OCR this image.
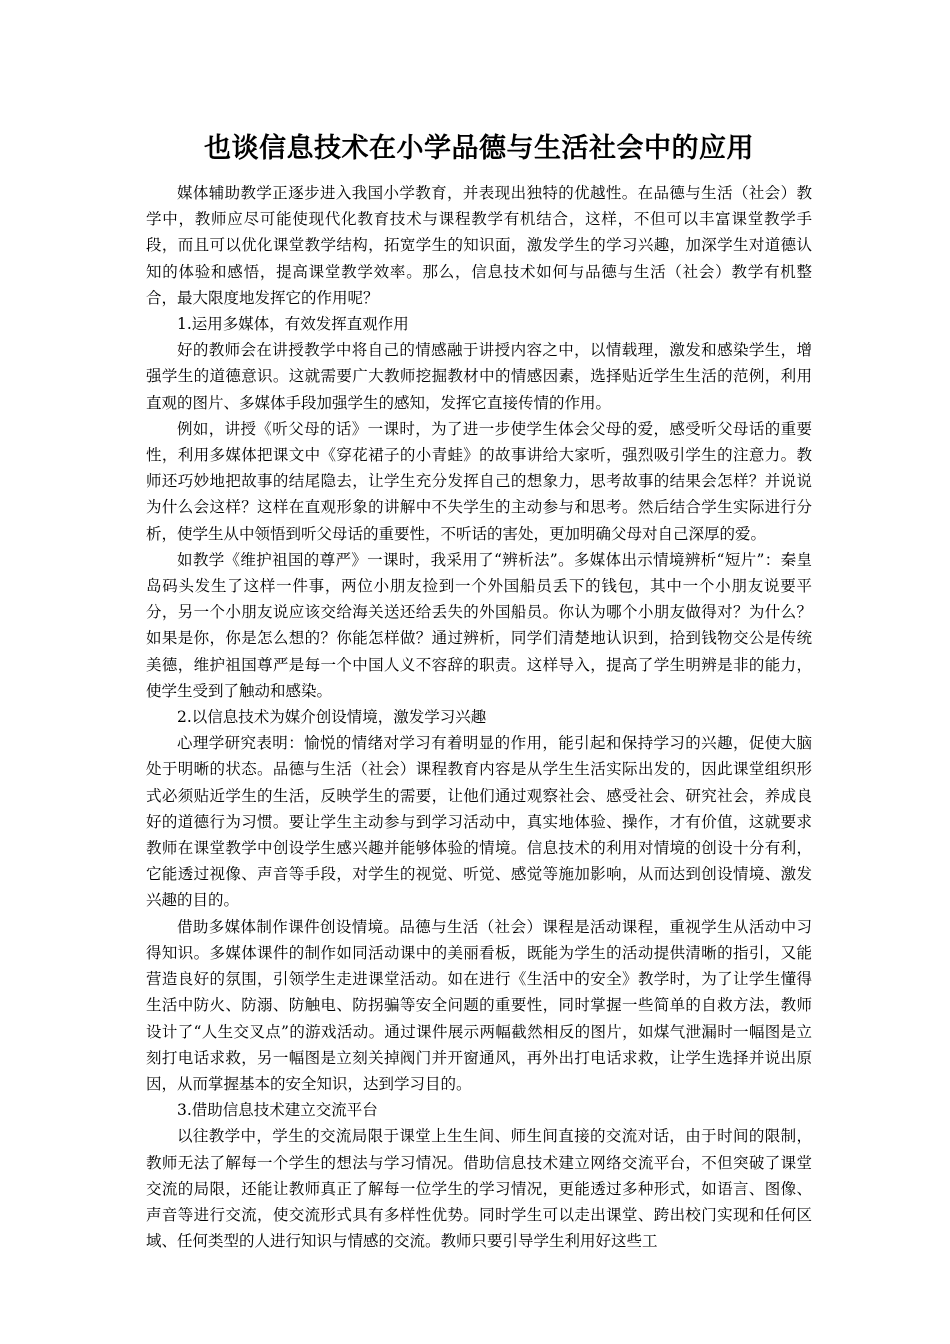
也谈信息技术在小学品德与生活社会中的应用

媒体辅助教学正逐步进入我国小学教育，并表现出独特的优越性。在品德与生活（社会）教学中，教师应尽可能使现代化教育技术与课程教学有机结合，这样，不但可以丰富课堂教学手段，而且可以优化课堂教学结构，拓宽学生的知识面，激发学生的学习兴趣，加深学生对道德认知的体验和感悟，提高课堂教学效率。那么，信息技术如何与品德与生活（社会）教学有机整合，最大限度地发挥它的作用呢？

1.运用多媒体，有效发挥直观作用

好的教师会在讲授教学中将自己的情感融于讲授内容之中，以情载理，激发和感染学生，增强学生的道德意识。这就需要广大教师挖掘教材中的情感因素，选择贴近学生生活的范例，利用直观的图片、多媒体手段加强学生的感知，发挥它直接传情的作用。

例如，讲授《听父母的话》一课时，为了进一步使学生体会父母的爱，感受听父母话的重要性，利用多媒体把课文中《穿花裙子的小青蛙》的故事讲给大家听，强烈吸引学生的注意力。教师还巧妙地把故事的结尾隐去，让学生充分发挥自己的想象力，思考故事的结果会怎样？并说说为什么会这样？这样在直观形象的讲解中不失学生的主动参与和思考。然后结合学生实际进行分析，使学生从中领悟到听父母话的重要性，不听话的害处，更加明确父母对自己深厚的爱。

如教学《维护祖国的尊严》一课时，我采用了“辨析法”。多媒体出示情境辨析“短片”：秦皇岛码头发生了这样一件事，两位小朋友捡到一个外国船员丢下的钱包，其中一个小朋友说要平分，另一个小朋友说应该交给海关送还给丢失的外国船员。你认为哪个小朋友做得对？为什么？如果是你，你是怎么想的？你能怎样做？通过辨析，同学们清楚地认识到，拾到钱物交公是传统美德，维护祖国尊严是每一个中国人义不容辞的职责。这样导入，提高了学生明辨是非的能力，使学生受到了触动和感染。

2.以信息技术为媒介创设情境，激发学习兴趣

心理学研究表明：愉悦的情绪对学习有着明显的作用，能引起和保持学习的兴趣，促使大脑处于明晰的状态。品德与生活（社会）课程教育内容是从学生生活实际出发的，因此课堂组织形式必须贴近学生的生活，反映学生的需要，让他们通过观察社会、感受社会、研究社会，养成良好的道德行为习惯。要让学生主动参与到学习活动中，真实地体验、操作，才有价值，这就要求教师在课堂教学中创设学生感兴趣并能够体验的情境。信息技术的利用对情境的创设十分有利，它能透过视像、声音等手段，对学生的视觉、听觉、感觉等施加影响，从而达到创设情境、激发兴趣的目的。

借助多媒体制作课件创设情境。品德与生活（社会）课程是活动课程，重视学生从活动中习得知识。多媒体课件的制作如同活动课中的美丽看板，既能为学生的活动提供清晰的指引，又能营造良好的氛围，引领学生走进课堂活动。如在进行《生活中的安全》教学时，为了让学生懂得生活中防火、防溺、防触电、防拐骗等安全问题的重要性，同时掌握一些简单的自救方法，教师设计了“人生交叉点”的游戏活动。通过课件展示两幅截然相反的图片，如煤气泄漏时一幅图是立刻打电话求救，另一幅图是立刻关掉阀门并开窗通风，再外出打电话求救，让学生选择并说出原因，从而掌握基本的安全知识，达到学习目的。

3.借助信息技术建立交流平台

以往教学中，学生的交流局限于课堂上生生间、师生间直接的交流对话，由于时间的限制，教师无法了解每一个学生的想法与学习情况。借助信息技术建立网络交流平台，不但突破了课堂交流的局限，还能让教师真正了解每一位学生的学习情况，更能透过多种形式，如语言、图像、声音等进行交流，使交流形式具有多样性优势。同时学生可以走出课堂、跨出校门实现和任何区域、任何类型的人进行知识与情感的交流。教师只要引导学生利用好这些工
